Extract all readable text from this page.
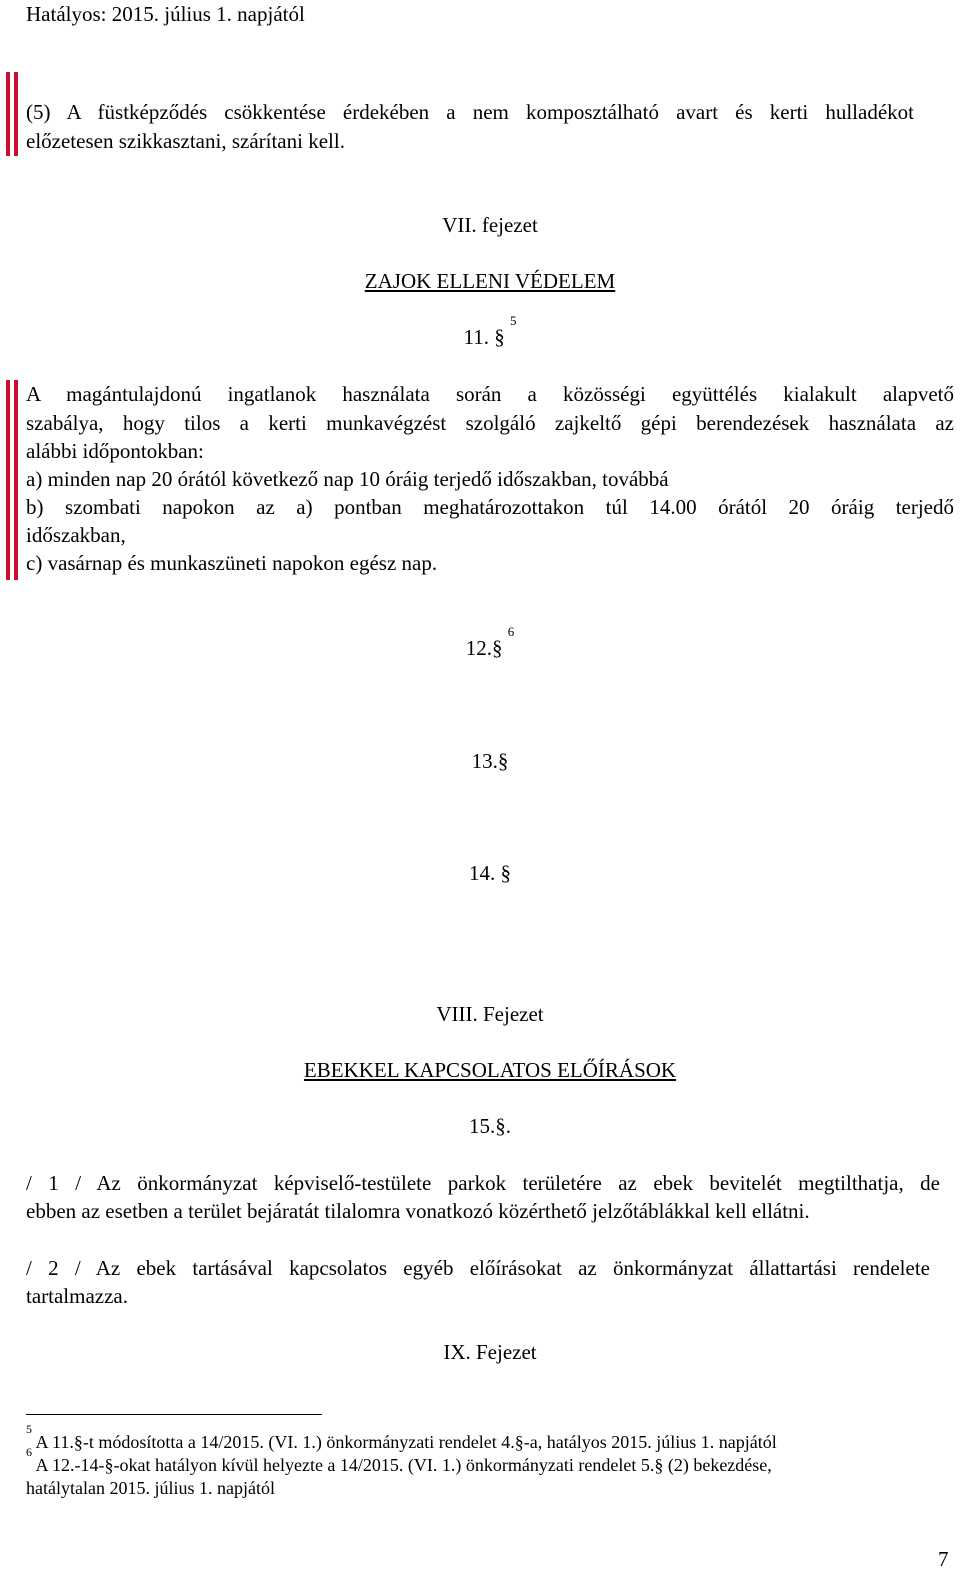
Hatályos: 2015. július 1. napjától
(5) A füstképződés csökkentése érdekében a nem komposztálható avart és kerti hulladékot
előzetesen szikkasztani, szárítani kell.
VII. fejezet
ZAJOK ELLENI VÉDELEM
11. § $^5$
A magántulajdonú ingatlanok használata során a közösségi együttélés kialakult alapvető
szabálya, hogy tilos a kerti munkavégzést szolgáló zajkeltő gépi berendezések használata az
alábbi időpontokban:
a) minden nap 20 órától következő nap 10 óráig terjedő időszakban, továbbá
b) szombati napokon az a) pontban meghatározottakon túl 14.00 órától 20 óráig terjedő
időszakban,
c) vasárnap és munkaszüneti napokon egész nap.
12.§ $^6$
13.§
14. §
VIII. Fejezet
EBEKKEL KAPCSOLATOS ELŐÍRÁSOK
15.§.
/ 1 / Az önkormányzat képviselő-testülete parkok területére az ebek bevitelét megtilthatja, de
ebben az esetben a terület bejáratát tilalomra vonatkozó közérthető jelzőtáblákkal kell ellátni.
/ 2 / Az ebek tartásával kapcsolatos egyéb előírásokat az önkormányzat állattartási rendelete
tartalmazza.
IX. Fejezet
$^5$ A 11.§-t módosította a 14/2015. (VI. 1.) önkormányzati rendelet 4.§-a, hatályos 2015. július 1. napjától
$^6$ A 12.-14-§-okat hatályon kívül helyezte a 14/2015. (VI. 1.) önkormányzati rendelet 5.§ (2) bekezdése,
hatálytalan 2015. július 1. napjától
7
